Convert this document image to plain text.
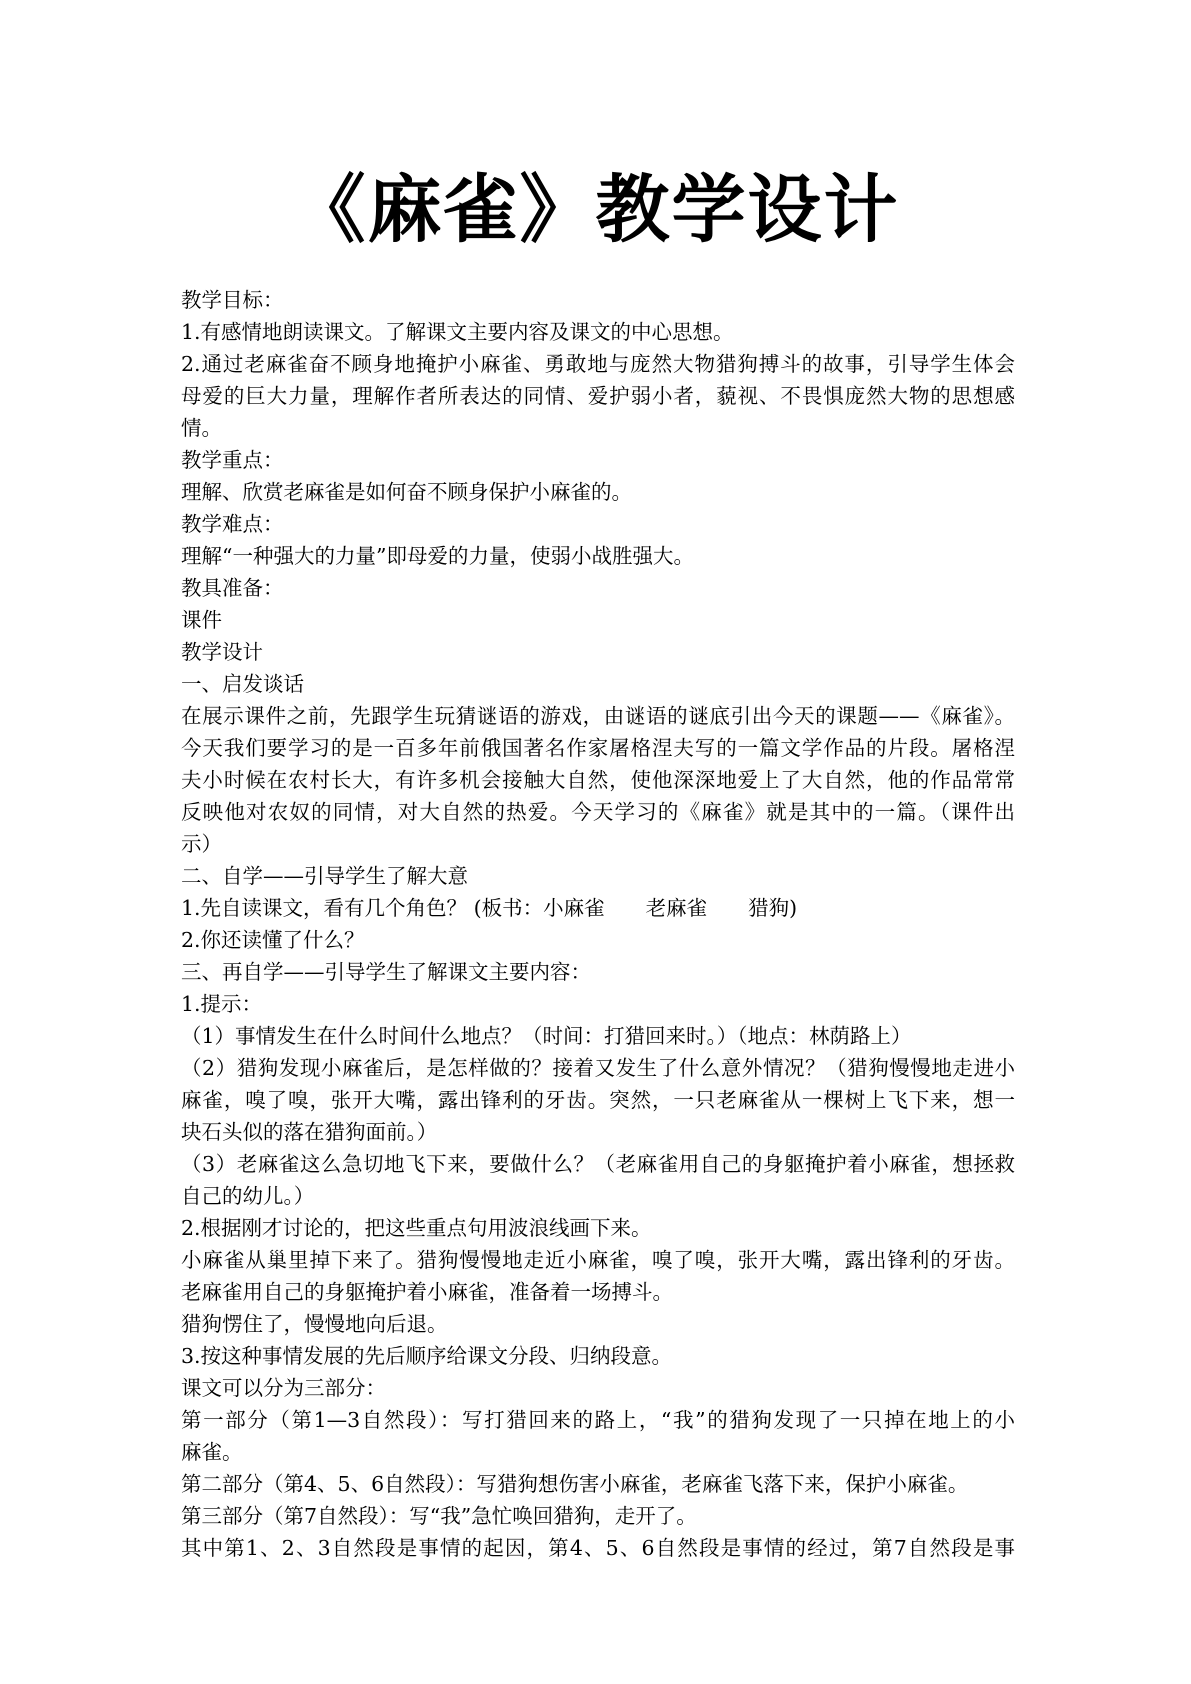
《麻雀》教学设计
教学目标：
1.有感情地朗读课文。了解课文主要内容及课文的中心思想。
2.通过老麻雀奋不顾身地掩护小麻雀、勇敢地与庞然大物猎狗搏斗的故事，引导学生体会
母爱的巨大力量，理解作者所表达的同情、爱护弱小者，藐视、不畏惧庞然大物的思想感
情。
教学重点：
理解、欣赏老麻雀是如何奋不顾身保护小麻雀的。
教学难点：
理解“一种强大的力量”即母爱的力量，使弱小战胜强大。
教具准备：
课件
教学设计
一、启发谈话
在展示课件之前，先跟学生玩猜谜语的游戏，由谜语的谜底引出今天的课题——《麻雀》。
今天我们要学习的是一百多年前俄国著名作家屠格涅夫写的一篇文学作品的片段。屠格涅
夫小时候在农村长大，有许多机会接触大自然，使他深深地爱上了大自然，他的作品常常
反映他对农奴的同情，对大自然的热爱。今天学习的《麻雀》就是其中的一篇。（课件出
示）
二、自学——引导学生了解大意
1.先自读课文，看有几个角色？ (板书：小麻雀　　老麻雀　　猎狗)
2.你还读懂了什么？
三、再自学——引导学生了解课文主要内容：
1.提示：
（1）事情发生在什么时间什么地点？（时间：打猎回来时。）（地点：林荫路上）
（2）猎狗发现小麻雀后，是怎样做的？接着又发生了什么意外情况？（猎狗慢慢地走进小
麻雀，嗅了嗅，张开大嘴，露出锋利的牙齿。突然，一只老麻雀从一棵树上飞下来，想一
块石头似的落在猎狗面前。）
（3）老麻雀这么急切地飞下来，要做什么？（老麻雀用自己的身躯掩护着小麻雀，想拯救
自己的幼儿。）
2.根据刚才讨论的，把这些重点句用波浪线画下来。
小麻雀从巢里掉下来了。猎狗慢慢地走近小麻雀，嗅了嗅，张开大嘴，露出锋利的牙齿。
老麻雀用自己的身躯掩护着小麻雀，准备着一场搏斗。
猎狗愣住了，慢慢地向后退。
3.按这种事情发展的先后顺序给课文分段、归纳段意。
课文可以分为三部分：
第一部分（第1—3自然段）：写打猎回来的路上，“我”的猎狗发现了一只掉在地上的小
麻雀。
第二部分（第4、5、6自然段）：写猎狗想伤害小麻雀，老麻雀飞落下来，保护小麻雀。
第三部分（第7自然段）：写“我”急忙唤回猎狗，走开了。
其中第1、2、3自然段是事情的起因，第4、5、6自然段是事情的经过，第7自然段是事
